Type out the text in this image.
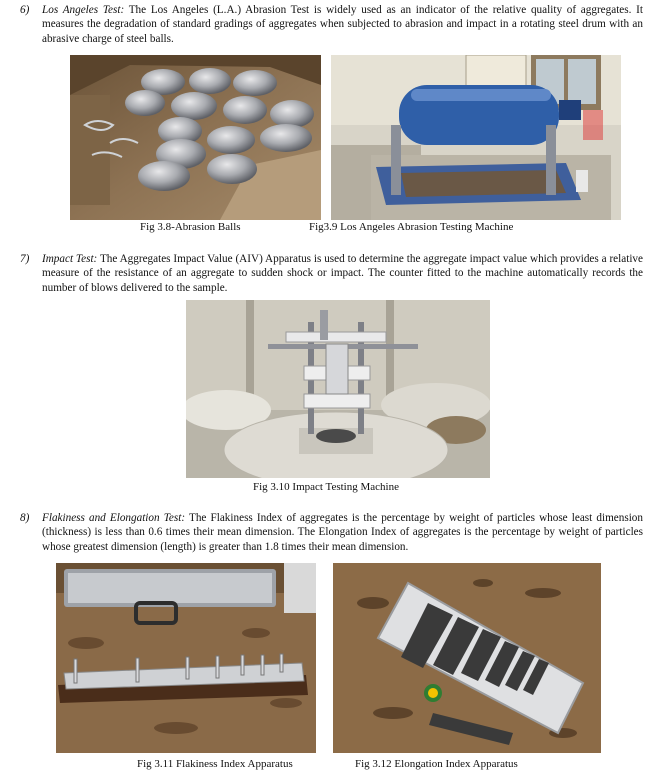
6) Los Angeles Test: The Los Angeles (L.A.) Abrasion Test is widely used as an indicator of the relative quality of aggregates. It measures the degradation of standard gradings of aggregates when subjected to abrasion and impact in a rotating steel drum with an abrasive charge of steel balls.
Fig 3.8-Abrasion Balls	Fig3.9 Los Angeles Abrasion Testing Machine
7) Impact Test: The Aggregates Impact Value (AIV) Apparatus is used to determine the aggregate impact value which provides a relative measure of the resistance of an aggregate to sudden shock or impact. The counter fitted to the machine automatically records the number of blows delivered to the sample.
Fig 3.10 Impact Testing Machine
8) Flakiness and Elongation Test: The Flakiness Index of aggregates is the percentage by weight of particles whose least dimension (thickness) is less than 0.6 times their mean dimension. The Elongation Index of aggregates is the percentage by weight of particles whose greatest dimension (length) is greater than 1.8 times their mean dimension.
Fig 3.11 Flakiness Index Apparatus	Fig 3.12 Elongation Index Apparatus
